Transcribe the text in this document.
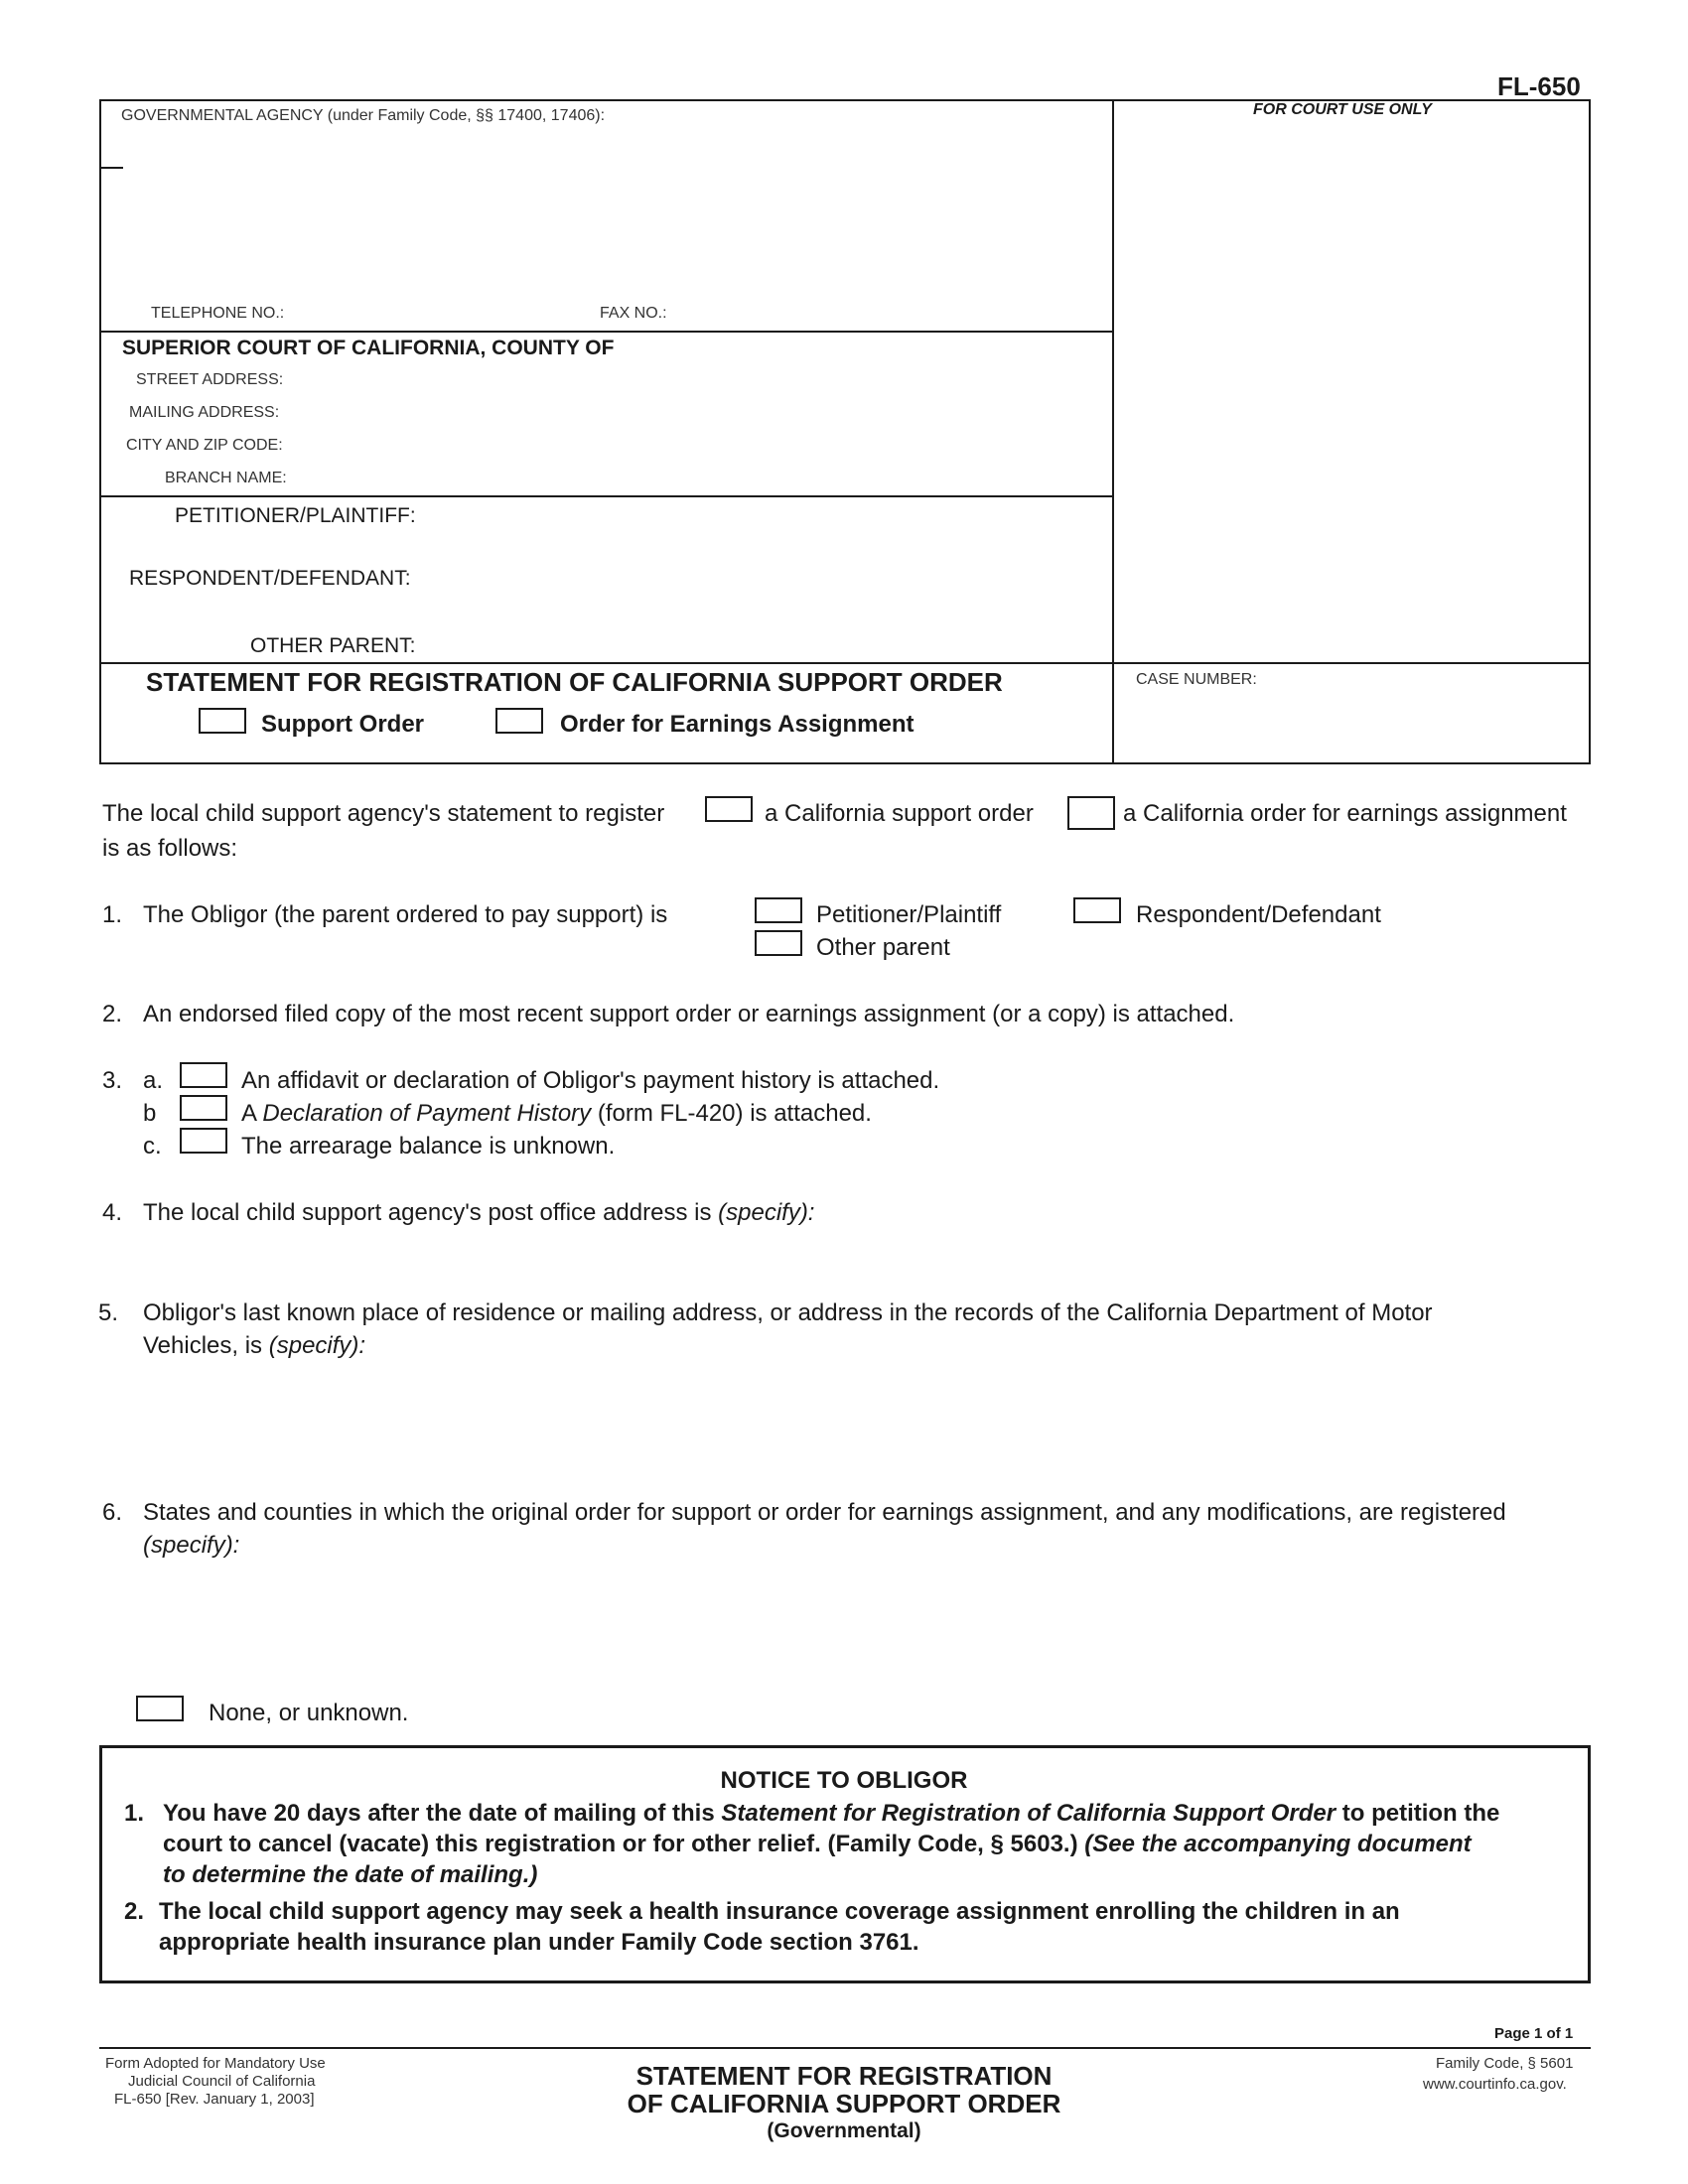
FL-650
GOVERNMENTAL AGENCY (under Family Code, §§ 17400, 17406):
TELEPHONE NO.:	FAX NO.:
FOR COURT USE ONLY
SUPERIOR COURT OF CALIFORNIA, COUNTY OF
STREET ADDRESS:
MAILING ADDRESS:
CITY AND ZIP CODE:
BRANCH NAME:
PETITIONER/PLAINTIFF:
RESPONDENT/DEFENDANT:
OTHER PARENT:
STATEMENT FOR REGISTRATION OF CALIFORNIA SUPPORT ORDER
Support Order	Order for Earnings Assignment
CASE NUMBER:
The local child support agency's statement to register	a California support order	a California order for earnings assignment
is as follows:
1. The Obligor (the parent ordered to pay support) is	Petitioner/Plaintiff	Respondent/Defendant
Other parent
2. An endorsed filed copy of the most recent support order or earnings assignment (or a copy) is attached.
3. a.	An affidavit or declaration of Obligor's payment history is attached.
b	A Declaration of Payment History (form FL-420) is attached.
c.	The arrearage balance is unknown.
4. The local child support agency's post office address is (specify):
5. Obligor's last known place of residence or mailing address, or address in the records of the California Department of Motor
Vehicles, is (specify):
6. States and counties in which the original order for support or order for earnings assignment, and any modifications, are registered
(specify):
None, or unknown.
NOTICE TO OBLIGOR
1. You have 20 days after the date of mailing of this Statement for Registration of California Support Order to petition the
court to cancel (vacate) this registration or for other relief. (Family Code, § 5603.) (See the accompanying document
to determine the date of mailing.)
2. The local child support agency may seek a health insurance coverage assignment enrolling the children in an
appropriate health insurance plan under Family Code section 3761.
Page 1 of 1
Form Adopted for Mandatory Use
Judicial Council of California
FL-650 [Rev. January 1, 2003]
STATEMENT FOR REGISTRATION
OF CALIFORNIA SUPPORT ORDER
(Governmental)
Family Code, § 5601
www.courtinfo.ca.gov.
